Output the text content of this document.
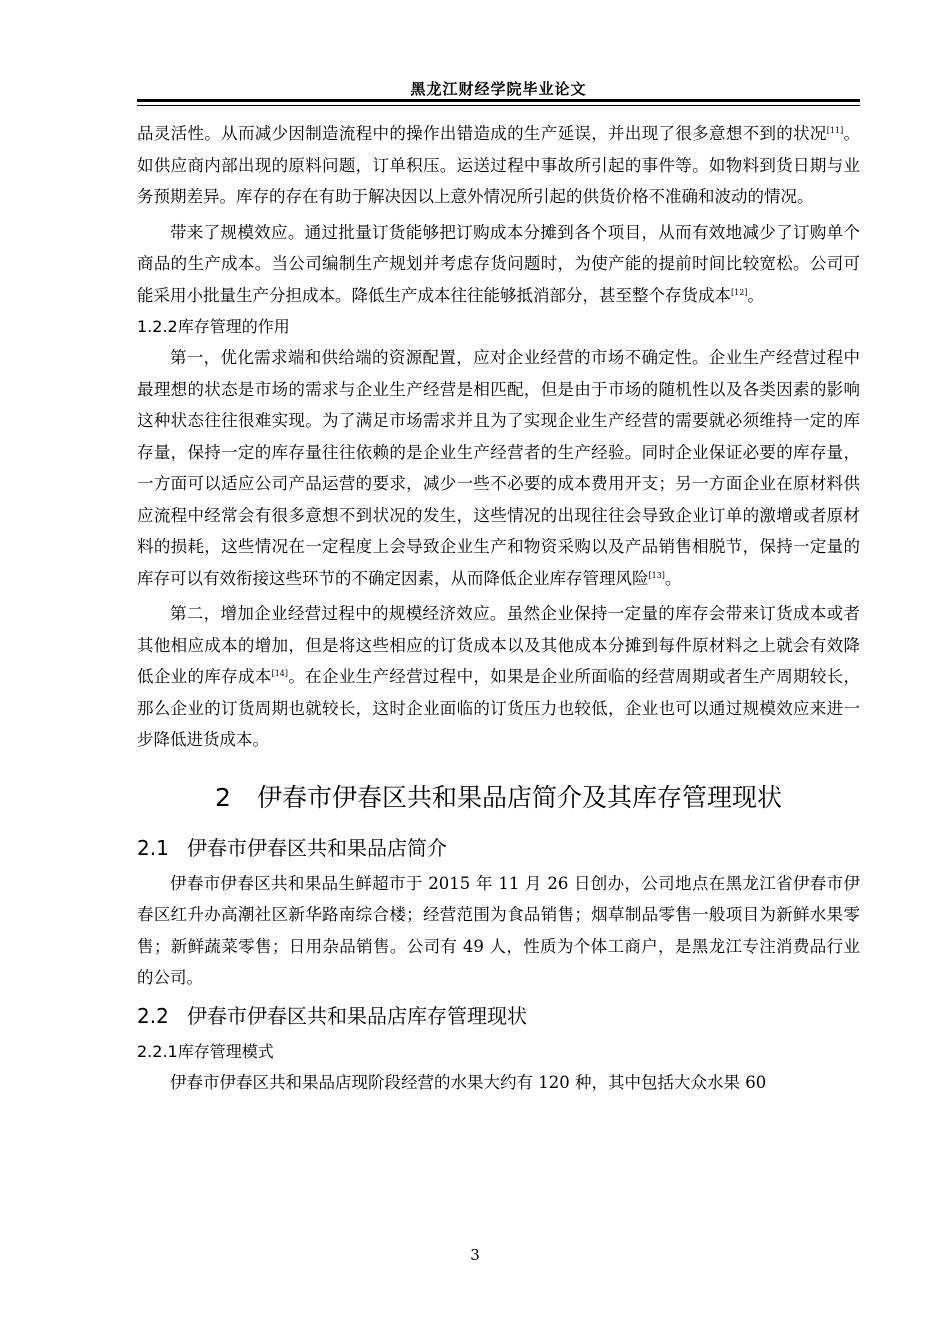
黑龙江财经学院毕业论文

品灵活性。从而减少因制造流程中的操作出错造成的生产延误，并出现了很多意想不到的状况[11]。如供应商内部出现的原料问题，订单积压。运送过程中事故所引起的事件等。如物料到货日期与业务预期差异。库存的存在有助于解决因以上意外情况所引起的供货价格不准确和波动的情况。

带来了规模效应。通过批量订货能够把订购成本分摊到各个项目，从而有效地减少了订购单个商品的生产成本。当公司编制生产规划并考虑存货问题时，为使产能的提前时间比较宽松。公司可能采用小批量生产分担成本。降低生产成本往往能够抵消部分，甚至整个存货成本[12]。

1.2.2库存管理的作用

第一，优化需求端和供给端的资源配置，应对企业经营的市场不确定性。企业生产经营过程中最理想的状态是市场的需求与企业生产经营是相匹配，但是由于市场的随机性以及各类因素的影响这种状态往往很难实现。为了满足市场需求并且为了实现企业生产经营的需要就必须维持一定的库存量，保持一定的库存量往往依赖的是企业生产经营者的生产经验。同时企业保证必要的库存量，一方面可以适应公司产品运营的要求，减少一些不必要的成本费用开支；另一方面企业在原材料供应流程中经常会有很多意想不到状况的发生，这些情况的出现往往会导致企业订单的激增或者原材料的损耗，这些情况在一定程度上会导致企业生产和物资采购以及产品销售相脱节，保持一定量的库存可以有效衔接这些环节的不确定因素，从而降低企业库存管理风险[13]。

第二，增加企业经营过程中的规模经济效应。虽然企业保持一定量的库存会带来订货成本或者其他相应成本的增加，但是将这些相应的订货成本以及其他成本分摊到每件原材料之上就会有效降低企业的库存成本[14]。在企业生产经营过程中，如果是企业所面临的经营周期或者生产周期较长，那么企业的订货周期也就较长，这时企业面临的订货压力也较低，企业也可以通过规模效应来进一步降低进货成本。

2 伊春市伊春区共和果品店简介及其库存管理现状
2.1 伊春市伊春区共和果品店简介

伊春市伊春区共和果品生鲜超市于 2015 年 11 月 26 日创办，公司地点在黑龙江省伊春市伊春区红升办高潮社区新华路南综合楼；经营范围为食品销售；烟草制品零售一般项目为新鲜水果零售；新鲜蔬菜零售；日用杂品销售。公司有 49 人，性质为个体工商户，是黑龙江专注消费品行业的公司。

2.2 伊春市伊春区共和果品店库存管理现状
2.2.1库存管理模式

伊春市伊春区共和果品店现阶段经营的水果大约有 120 种，其中包括大众水果 60

3
